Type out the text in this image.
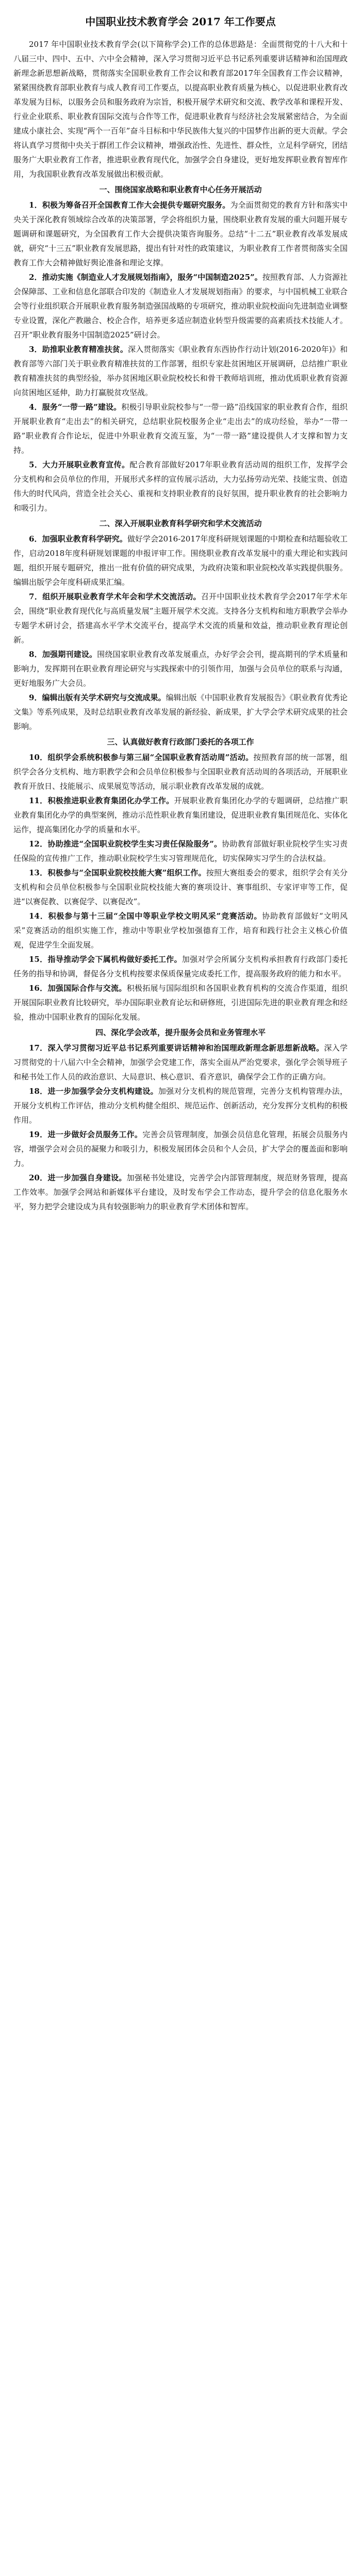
中国职业技术教育学会 2017 年工作要点

2017 年中国职业技术教育学会(以下简称学会)工作的总体思路是：全面贯彻党的十八大和十八届三中、四中、五中、六中全会精神，深入学习贯彻习近平总书记系列重要讲话精神和治国理政新理念新思想新战略，贯彻落实全国职业教育工作会议和教育部2017年全国教育工作会议精神，紧紧围绕教育部职业教育与成人教育司工作要点，以提高职业教育质量为核心，以促进职业教育改革发展为目标，以服务会员和服务政府为宗旨，积极开展学术研究和交流、教学改革和课程开发、行业企业联系、职业教育国际交流与合作等工作，促进职业教育与经济社会发展紧密结合，为全面建成小康社会、实现“两个一百年”奋斗目标和中华民族伟大复兴的中国梦作出新的更大贡献。学会将认真学习贯彻中央关于群团工作会议精神，增强政治性、先进性、群众性，立足科学研究，团结服务广大职业教育工作者，推进职业教育现代化，加强学会自身建设，更好地发挥职业教育智库作用，为我国职业教育改革发展做出积极贡献。

一、围绕国家战略和职业教育中心任务开展活动

1．积极为筹备召开全国教育工作大会提供专题研究服务。为全面贯彻党的教育方针和落实中央关于深化教育领域综合改革的决策部署，学会将组织力量，围绕职业教育发展的重大问题开展专题调研和课题研究，为全国教育工作大会提供决策咨询服务。总结“十二五”职业教育改革发展成就，研究“十三五”职业教育发展思路，提出有针对性的政策建议，为职业教育工作者贯彻落实全国教育工作大会精神做好舆论准备和理论支撑。

2．推动实施《制造业人才发展规划指南》，服务“中国制造2025”。按照教育部、人力资源社会保障部、工业和信息化部联合印发的《制造业人才发展规划指南》的要求，与中国机械工业联合会等行业组织联合开展职业教育服务制造强国战略的专项研究，推动职业院校面向先进制造业调整专业设置，深化产教融合、校企合作，培养更多适应制造业转型升级需要的高素质技术技能人才。召开“职业教育服务中国制造2025”研讨会。

3．助推职业教育精准扶贫。深入贯彻落实《职业教育东西协作行动计划(2016-2020年)》和教育部等六部门关于职业教育精准扶贫的工作部署，组织专家赴贫困地区开展调研，总结推广职业教育精准扶贫的典型经验，举办贫困地区职业院校校长和骨干教师培训班，推动优质职业教育资源向贫困地区延伸，助力打赢脱贫攻坚战。

4．服务“一带一路”建设。积极引导职业院校参与“一带一路”沿线国家的职业教育合作，组织开展职业教育“走出去”的相关研究，总结职业院校服务企业“走出去”的成功经验，举办“一带一路”职业教育合作论坛，促进中外职业教育交流互鉴，为“一带一路”建设提供人才支撑和智力支持。

5．大力开展职业教育宣传。配合教育部做好2017年职业教育活动周的组织工作，发挥学会分支机构和会员单位的作用，开展形式多样的宣传展示活动，大力弘扬劳动光荣、技能宝贵、创造伟大的时代风尚，营造全社会关心、重视和支持职业教育的良好氛围，提升职业教育的社会影响力和吸引力。

二、深入开展职业教育科学研究和学术交流活动

6．加强职业教育科学研究。做好学会2016-2017年度科研规划课题的中期检查和结题验收工作，启动2018年度科研规划课题的申报评审工作。围绕职业教育改革发展中的重大理论和实践问题，组织开展专题研究，推出一批有价值的研究成果，为政府决策和职业院校改革实践提供服务。编辑出版学会年度科研成果汇编。

7．组织开展职业教育学术年会和学术交流活动。召开中国职业技术教育学会2017年学术年会，围绕“职业教育现代化与高质量发展”主题开展学术交流。支持各分支机构和地方职教学会举办专题学术研讨会，搭建高水平学术交流平台，提高学术交流的质量和效益，推动职业教育理论创新。

8．加强期刊建设。围绕国家职业教育改革发展重点，办好学会会刊，提高期刊的学术质量和影响力，发挥期刊在职业教育理论研究与实践探索中的引领作用，加强与会员单位的联系与沟通，更好地服务广大会员。

9．编辑出版有关学术研究与交流成果。编辑出版《中国职业教育发展报告》《职业教育优秀论文集》等系列成果，及时总结职业教育改革发展的新经验、新成果，扩大学会学术研究成果的社会影响。

三、认真做好教育行政部门委托的各项工作

10．组织学会系统积极参与第三届“全国职业教育活动周”活动。按照教育部的统一部署，组织学会各分支机构、地方职教学会和会员单位积极参与全国职业教育活动周的各项活动，开展职业教育开放日、技能展示、成果展览等活动，展示职业教育改革发展的成就。

11．积极推进职业教育集团化办学工作。开展职业教育集团化办学的专题调研，总结推广职业教育集团化办学的典型案例，推动示范性职业教育集团建设，促进职业教育集团规范化、实体化运作，提高集团化办学的质量和水平。

12．协助推进“全国职业院校学生实习责任保险服务”。协助教育部做好职业院校学生实习责任保险的宣传推广工作，推动职业院校学生实习管理规范化，切实保障实习学生的合法权益。

13．积极参与“全国职业院校技能大赛”组织工作。按照大赛组委会的要求，组织学会有关分支机构和会员单位积极参与全国职业院校技能大赛的赛项设计、赛事组织、专家评审等工作，促进“以赛促教、以赛促学、以赛促改”。

14．积极参与第十三届“全国中等职业学校文明风采”竞赛活动。协助教育部做好“文明风采”竞赛活动的组织实施工作，推动中等职业学校加强德育工作，培育和践行社会主义核心价值观，促进学生全面发展。

15．指导推动学会下属机构做好委托工作。加强对学会所属分支机构承担教育行政部门委托任务的指导和协调，督促各分支机构按要求保质保量完成委托工作，提高服务政府的能力和水平。

16．加强国际合作与交流。积极拓展与国际组织和各国职业教育机构的交流合作渠道，组织开展国际职业教育比较研究，举办国际职业教育论坛和研修班，引进国际先进的职业教育理念和经验，推动中国职业教育的国际化发展。

四、深化学会改革，提升服务会员和业务管理水平

17．深入学习贯彻习近平总书记系列重要讲话精神和治国理政新理念新思想新战略。深入学习贯彻党的十八届六中全会精神，加强学会党建工作，落实全面从严治党要求，强化学会领导班子和秘书处工作人员的政治意识、大局意识、核心意识、看齐意识，确保学会工作的正确方向。

18．进一步加强学会分支机构建设。加强对分支机构的规范管理，完善分支机构管理办法，开展分支机构工作评估，推动分支机构健全组织、规范运作、创新活动，充分发挥分支机构的积极作用。

19．进一步做好会员服务工作。完善会员管理制度，加强会员信息化管理，拓展会员服务内容，增强学会对会员的凝聚力和吸引力，积极发展团体会员和个人会员，扩大学会的覆盖面和影响力。

20．进一步加强自身建设。加强秘书处建设，完善学会内部管理制度，规范财务管理，提高工作效率。加强学会网站和新媒体平台建设，及时发布学会工作动态，提升学会的信息化服务水平，努力把学会建设成为具有较强影响力的职业教育学术团体和智库。
